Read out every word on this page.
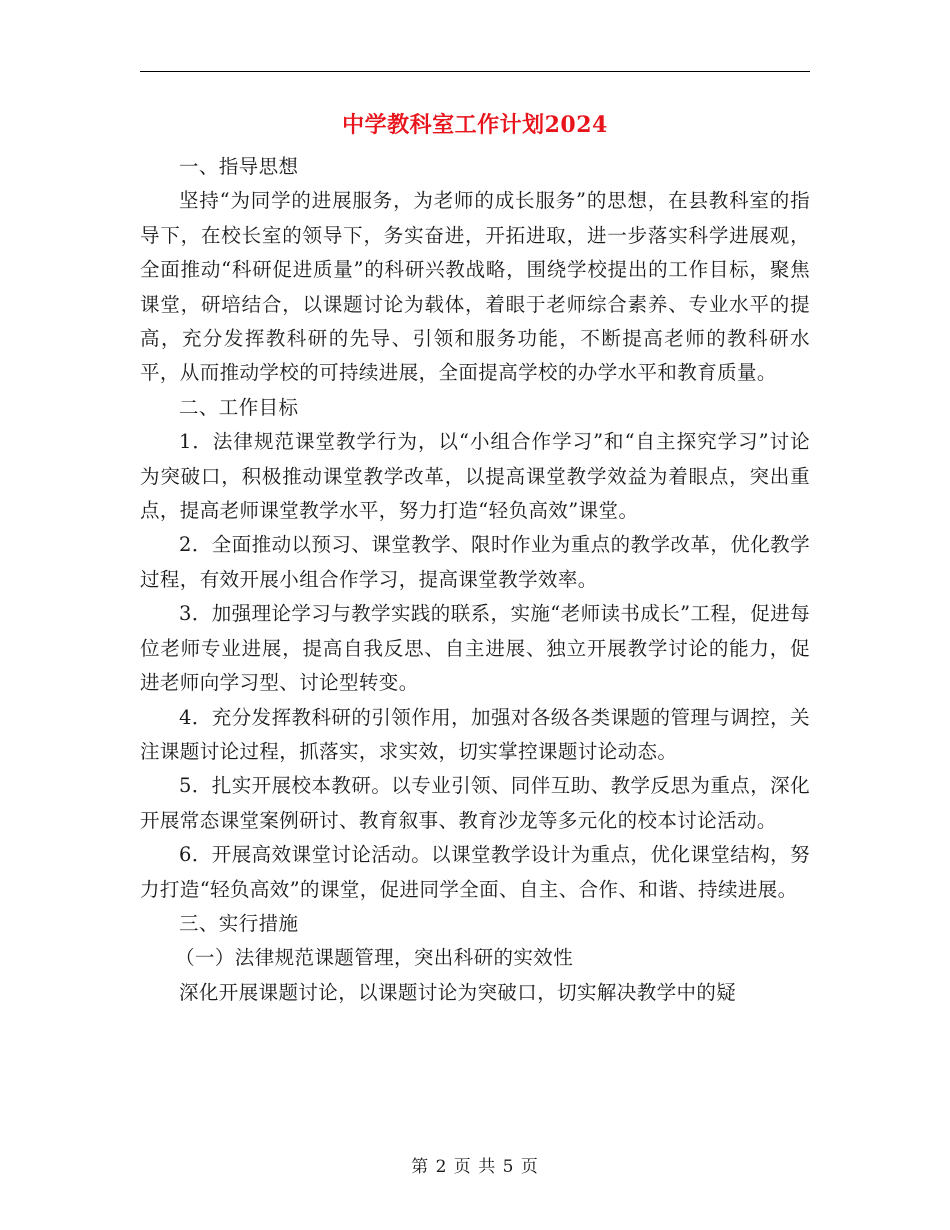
中学教科室工作计划2024

一、指导思想

坚持“为同学的进展服务，为老师的成长服务”的思想，在县教科室的指导下，在校长室的领导下，务实奋进，开拓进取，进一步落实科学进展观，全面推动“科研促进质量”的科研兴教战略，围绕学校提出的工作目标，聚焦课堂，研培结合，以课题讨论为载体，着眼于老师综合素养、专业水平的提高，充分发挥教科研的先导、引领和服务功能，不断提高老师的教科研水平，从而推动学校的可持续进展，全面提高学校的办学水平和教育质量。

二、工作目标

1．法律规范课堂教学行为，以“小组合作学习”和“自主探究学习”讨论为突破口，积极推动课堂教学改革，以提高课堂教学效益为着眼点，突出重点，提高老师课堂教学水平，努力打造“轻负高效”课堂。

2．全面推动以预习、课堂教学、限时作业为重点的教学改革，优化教学过程，有效开展小组合作学习，提高课堂教学效率。

3．加强理论学习与教学实践的联系，实施“老师读书成长”工程，促进每位老师专业进展，提高自我反思、自主进展、独立开展教学讨论的能力，促进老师向学习型、讨论型转变。

4．充分发挥教科研的引领作用，加强对各级各类课题的管理与调控，关注课题讨论过程，抓落实，求实效，切实掌控课题讨论动态。

5．扎实开展校本教研。以专业引领、同伴互助、教学反思为重点，深化开展常态课堂案例研讨、教育叙事、教育沙龙等多元化的校本讨论活动。

6．开展高效课堂讨论活动。以课堂教学设计为重点，优化课堂结构，努力打造“轻负高效”的课堂，促进同学全面、自主、合作、和谐、持续进展。

三、实行措施

（一）法律规范课题管理，突出科研的实效性

深化开展课题讨论，以课题讨论为突破口，切实解决教学中的疑

第 2 页 共 5 页
